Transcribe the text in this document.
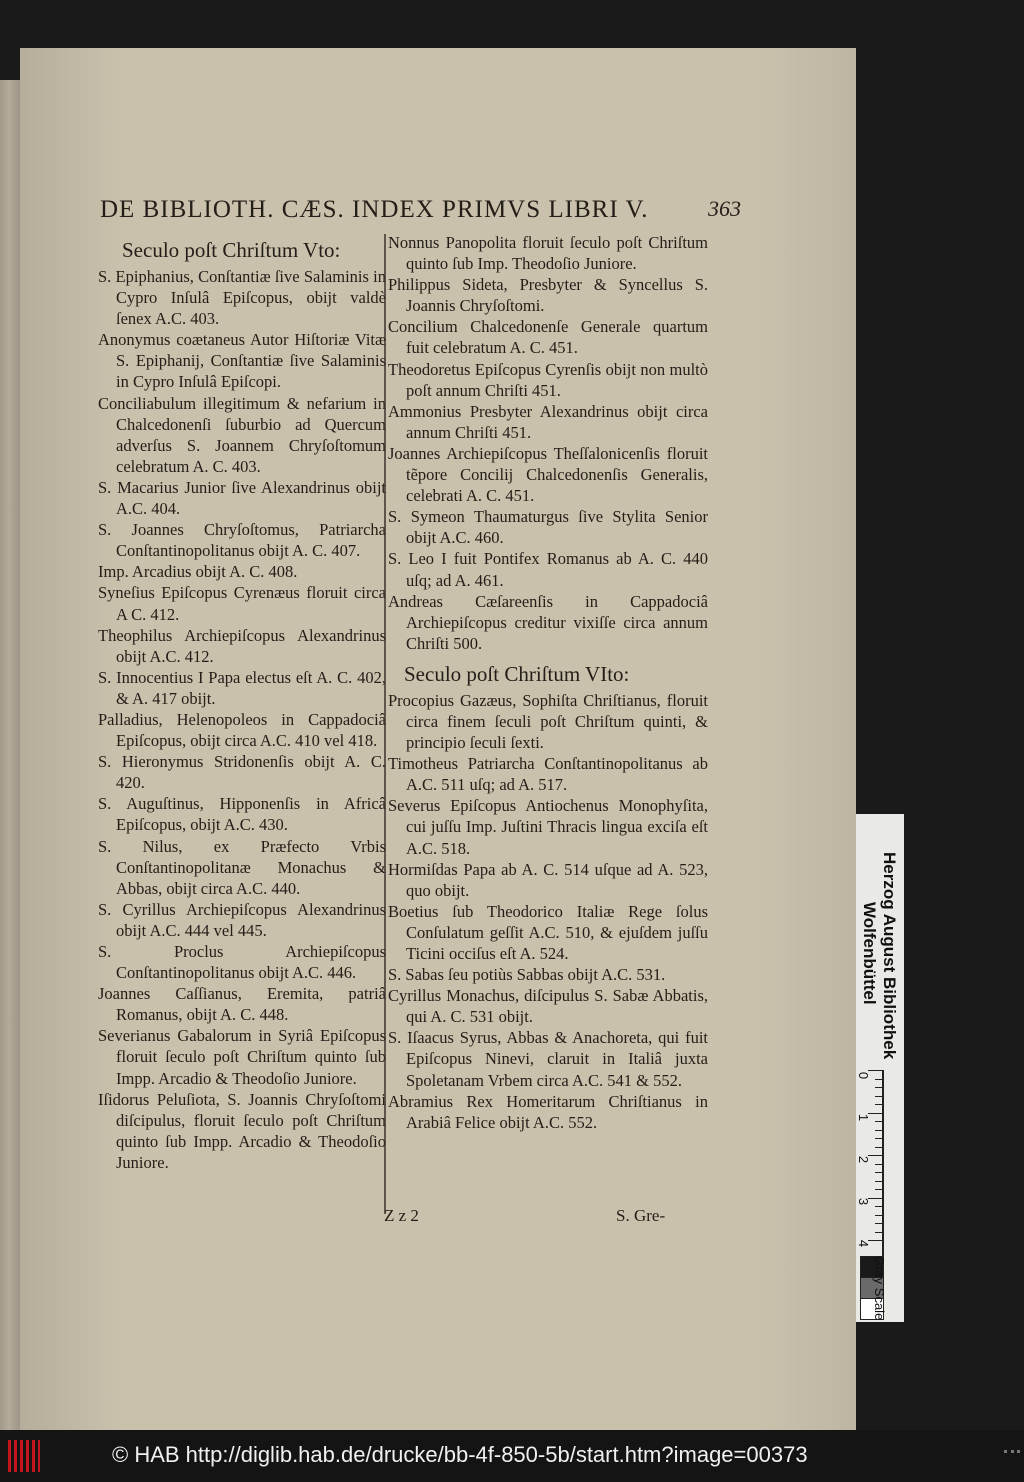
DE BIBLIOTH. CÆS. INDEX PRIMVS LIBRI V.	363
Seculo poſt Chriſtum Vto:

S. Epiphanius, Conſtantiæ ſive Salaminis in Cypro Inſulâ Epiſcopus, obijt valdè ſenex A.C. 403.

Anonymus coætaneus Autor Hiſtoriæ Vitæ S. Epiphanij, Conſtantiæ ſive Salaminis in Cypro Inſulâ Epiſcopi.

Conciliabulum illegitimum & nefarium in Chalcedonenſi ſuburbio ad Quercum adverſus S. Joannem Chryſoſtomum celebratum A. C. 403.

S. Macarius Junior ſive Alexandrinus obijt A.C. 404.

S. Joannes Chryſoſtomus, Patriarcha Conſtantinopolitanus obijt A. C. 407.

Imp. Arcadius obijt A. C. 408.

Syneſius Epiſcopus Cyrenæus floruit circa A C. 412.

Theophilus Archiepiſcopus Alexandrinus obijt A.C. 412.

S. Innocentius I Papa electus eſt A. C. 402, & A. 417 obijt.

Palladius, Helenopoleos in Cappadociâ Epiſcopus, obijt circa A.C. 410 vel 418.

S. Hieronymus Stridonenſis obijt A. C. 420.

S. Auguſtinus, Hipponenſis in Africâ Epiſcopus, obijt A.C. 430.

S. Nilus, ex Præfecto Vrbis Conſtantinopolitanæ Monachus & Abbas, obijt circa A.C. 440.

S. Cyrillus Archiepiſcopus Alexandrinus obijt A.C. 444 vel 445.

S. Proclus Archiepiſcopus Conſtantinopolitanus obijt A.C. 446.

Joannes Caſſianus, Eremita, patriâ Romanus, obijt A. C. 448.

Severianus Gabalorum in Syriâ Epiſcopus floruit ſeculo poſt Chriſtum quinto ſub Impp. Arcadio & Theodoſio Juniore.

Iſidorus Peluſiota, S. Joannis Chryſoſtomi diſcipulus, floruit ſeculo poſt Chriſtum quinto ſub Impp. Arcadio & Theodoſio Juniore.

Nonnus Panopolita floruit ſeculo poſt Chriſtum quinto ſub Imp. Theodoſio Juniore.

Philippus Sideta, Presbyter & Syncellus S. Joannis Chryſoſtomi.

Concilium Chalcedonenſe Generale quartum fuit celebratum A. C. 451.

Theodoretus Epiſcopus Cyrenſis obijt non multò poſt annum Chriſti 451.

Ammonius Presbyter Alexandrinus obijt circa annum Chriſti 451.

Joannes Archiepiſcopus Theſſalonicenſis floruit tẽpore Concilij Chalcedonenſis Generalis, celebrati A. C. 451.

S. Symeon Thaumaturgus ſive Stylita Senior obijt A.C. 460.

S. Leo I fuit Pontifex Romanus ab A. C. 440 uſq; ad A. 461.

Andreas Cæſareenſis in Cappadociâ Archiepiſcopus creditur vixiſſe circa annum Chriſti 500.

Seculo poſt Chriſtum VIto:

Procopius Gazæus, Sophiſta Chriſtianus, floruit circa finem ſeculi poſt Chriſtum quinti, & principio ſeculi ſexti.

Timotheus Patriarcha Conſtantinopolitanus ab A.C. 511 uſq; ad A. 517.

Severus Epiſcopus Antiochenus Monophyſita, cui juſſu Imp. Juſtini Thracis lingua exciſa eſt A.C. 518.

Hormiſdas Papa ab A. C. 514 uſque ad A. 523, quo obijt.

Boetius ſub Theodorico Italiæ Rege ſolus Conſulatum geſſit A.C. 510, & ejuſdem juſſu Ticini occiſus eſt A. 524.

S. Sabas ſeu potiùs Sabbas obijt A.C. 531.

Cyrillus Monachus, diſcipulus S. Sabæ Abbatis, qui A. C. 531 obijt.

S. Iſaacus Syrus, Abbas & Anachoreta, qui fuit Epiſcopus Ninevi, claruit in Italiâ juxta Spoletanam Vrbem circa A.C. 541 & 552.

Abramius Rex Homeritarum Chriſtianus in Arabiâ Felice obijt A.C. 552.

Z z 2	S. Gre-
Herzog August Bibliothek
Wolfenbüttel
0
1
2
3
4
Gray Scale
© HAB http://diglib.hab.de/drucke/bb-4f-850-5b/start.htm?image=00373
